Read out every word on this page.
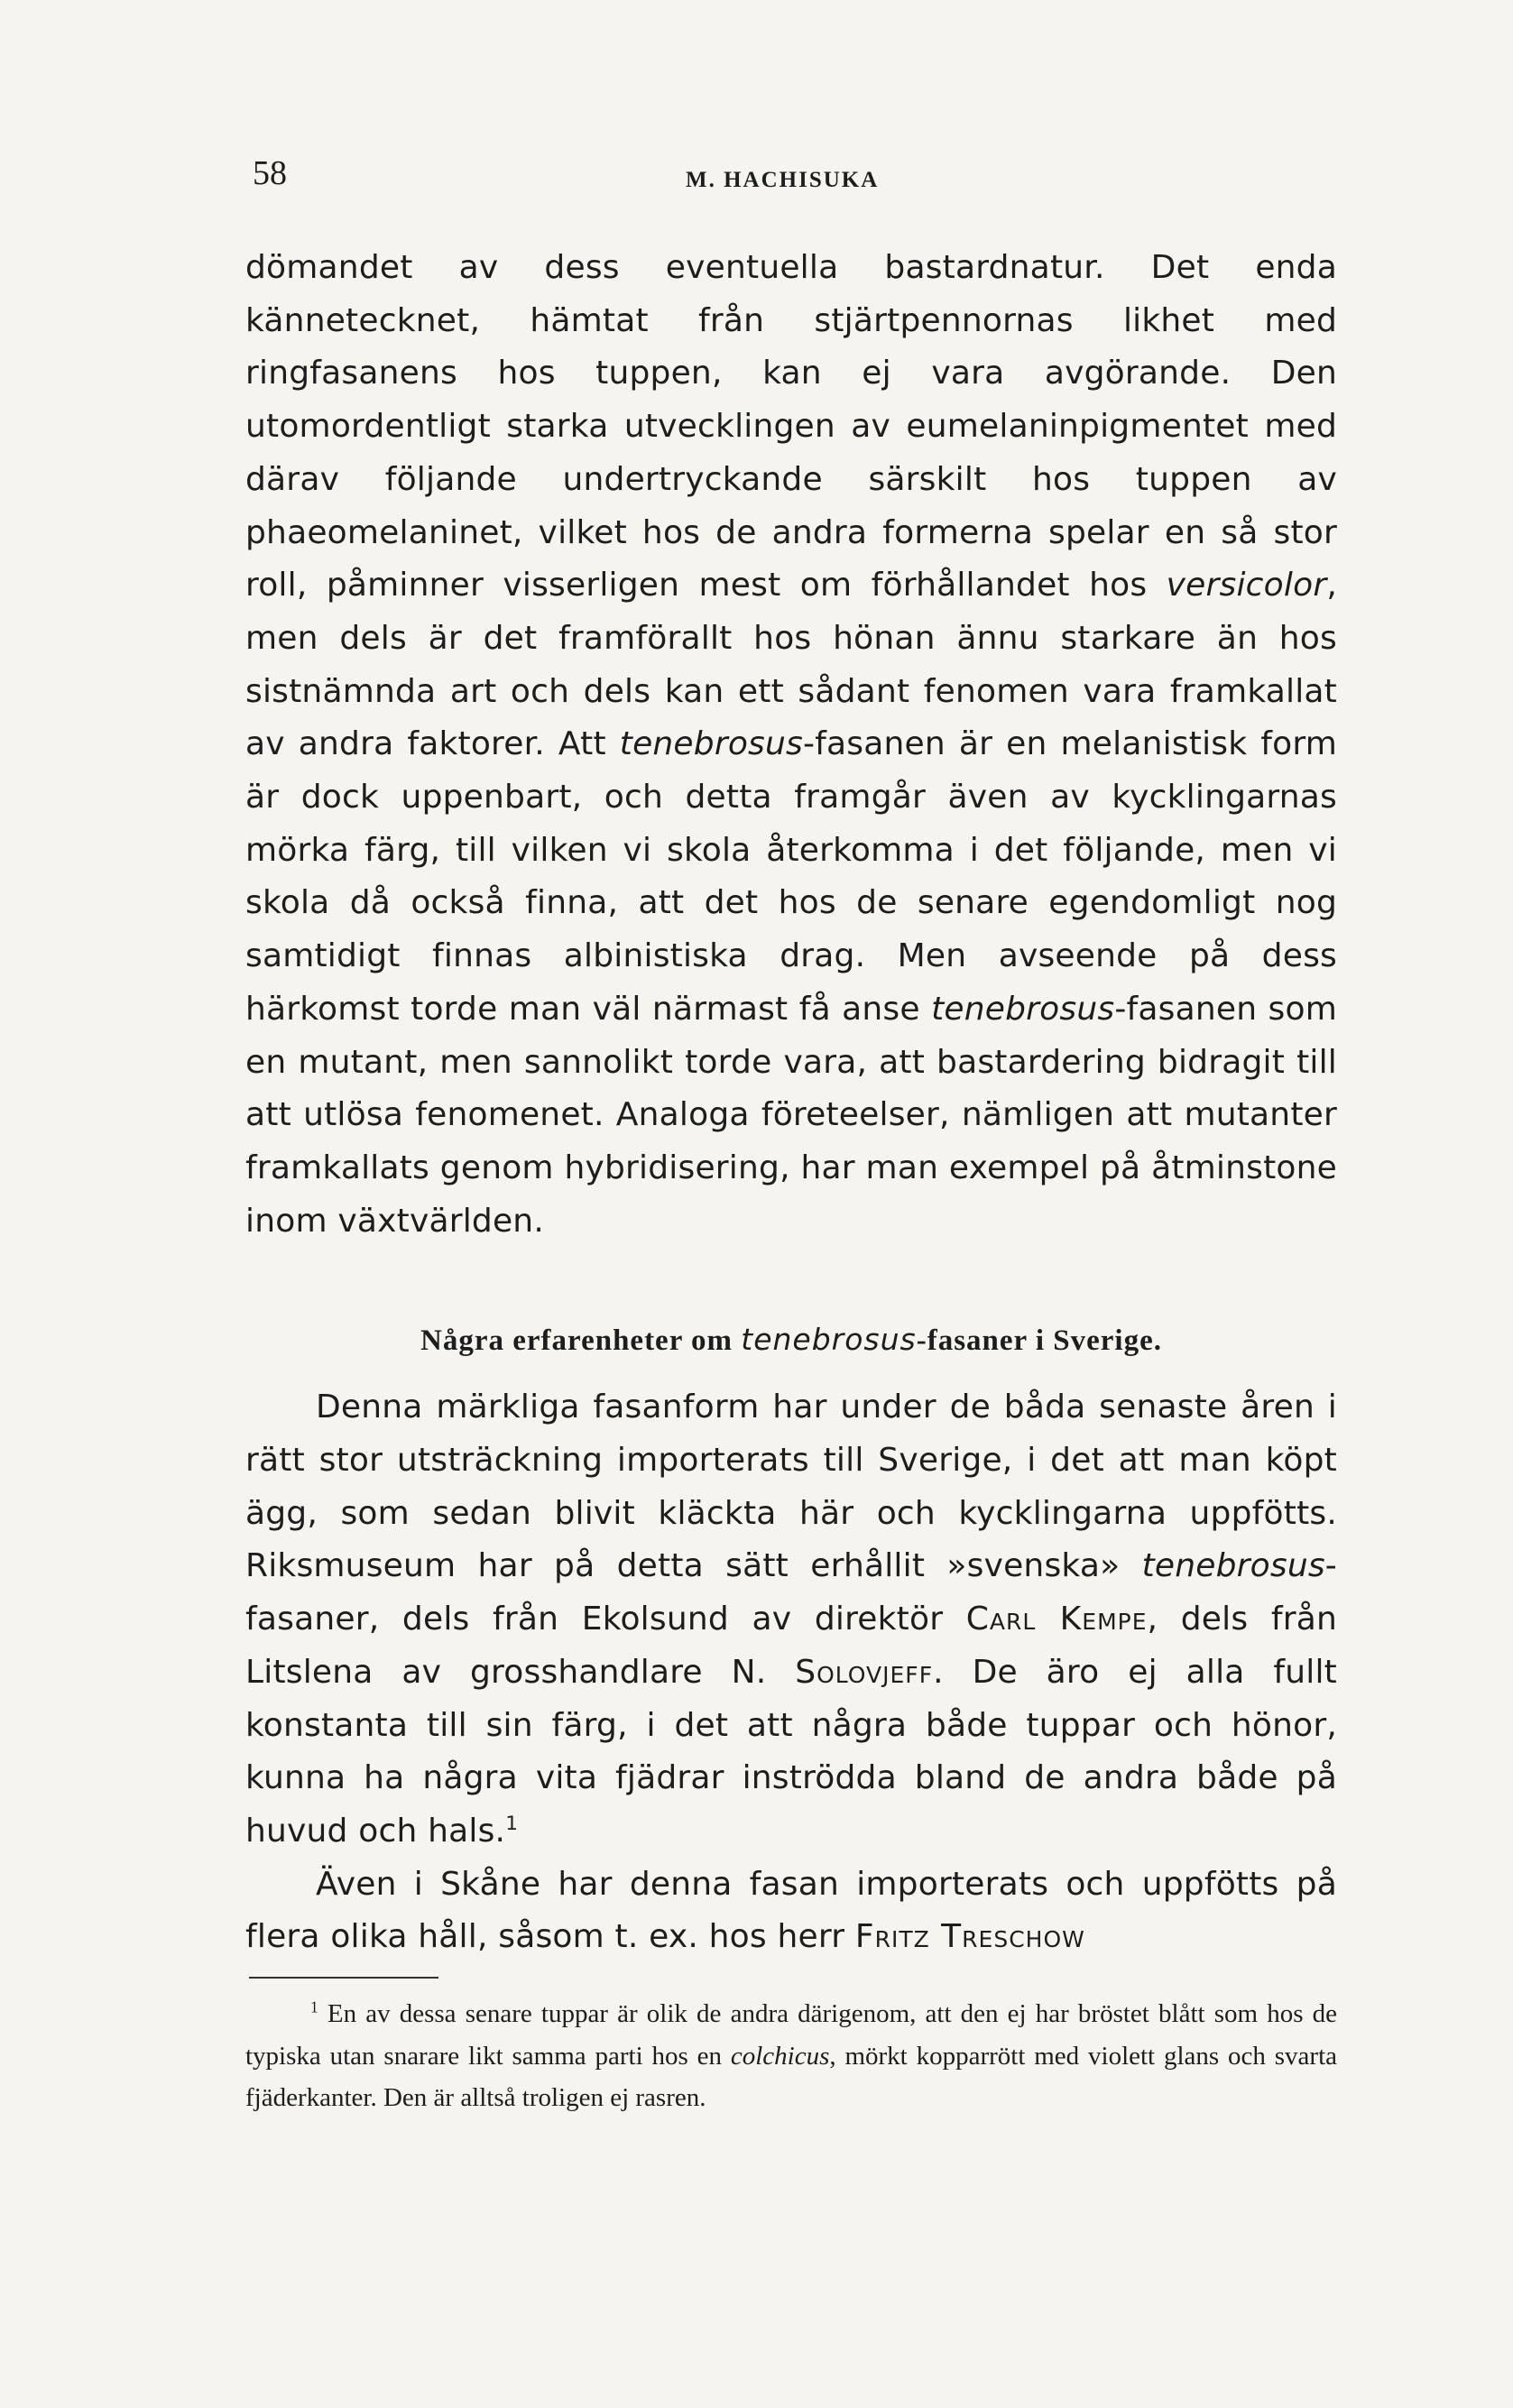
58	M. HACHISUKA

dömandet av dess eventuella bastardnatur. Det enda kännetecknet, hämtat från stjärtpennornas likhet med ringfasanens hos tuppen, kan ej vara avgörande. Den utomordentligt starka utvecklingen av eumelaninpigmentet med därav följande undertryckande särskilt hos tuppen av phaeomelaninet, vilket hos de andra formerna spelar en så stor roll, påminner visserligen mest om förhållandet hos versicolor, men dels är det framförallt hos hönan ännu starkare än hos sistnämnda art och dels kan ett sådant fenomen vara framkallat av andra faktorer. Att tenebrosus-fasanen är en melanistisk form är dock uppenbart, och detta framgår även av kycklingarnas mörka färg, till vilken vi skola återkomma i det följande, men vi skola då också finna, att det hos de senare egendomligt nog samtidigt finnas albinistiska drag. Men avseende på dess härkomst torde man väl närmast få anse tenebrosus-fasanen som en mutant, men sannolikt torde vara, att bastardering bidragit till att utlösa fenomenet. Analoga företeelser, nämligen att mutanter framkallats genom hybridisering, har man exempel på åtminstone inom växtvärlden.

Några erfarenheter om tenebrosus-fasaner i Sverige.

Denna märkliga fasanform har under de båda senaste åren i rätt stor utsträckning importerats till Sverige, i det att man köpt ägg, som sedan blivit kläckta här och kycklingarna uppfötts. Riksmuseum har på detta sätt erhållit »svenska» tenebrosus-fasaner, dels från Ekolsund av direktör Carl Kempe, dels från Litslena av grosshandlare N. Solovjeff. De äro ej alla fullt konstanta till sin färg, i det att några både tuppar och hönor, kunna ha några vita fjädrar inströdda bland de andra både på huvud och hals.$^1$

Även i Skåne har denna fasan importerats och uppfötts på flera olika håll, såsom t. ex. hos herr Fritz Treschow

$^1$ En av dessa senare tuppar är olik de andra därigenom, att den ej har bröstet blått som hos de typiska utan snarare likt samma parti hos en colchicus, mörkt kopparrött med violett glans och svarta fjäderkanter. Den är alltså troligen ej rasren.
